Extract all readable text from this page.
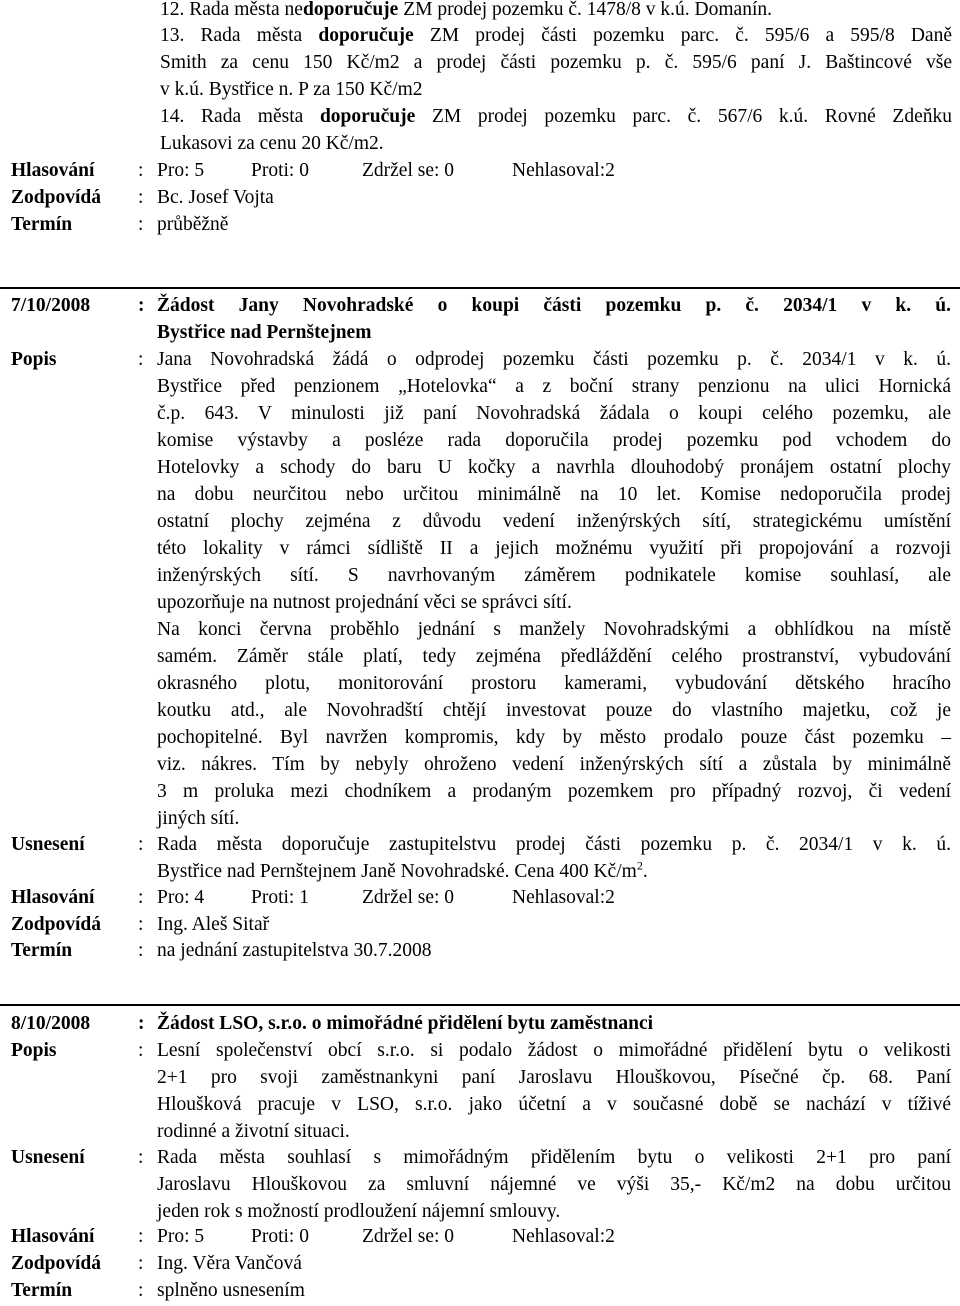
12. Rada města nedoporučuje ZM prodej pozemku č. 1478/8 v k.ú. Domanín.
13. Rada města doporučuje ZM prodej části pozemku parc. č. 595/6 a 595/8 Daně
Smith za cenu 150 Kč/m2 a prodej části pozemku p. č. 595/6 paní J. Baštincové vše
v k.ú. Bystřice n. P za 150 Kč/m2
14. Rada města doporučuje ZM prodej pozemku parc. č. 567/6 k.ú. Rovné Zdeňku
Lukasovi za cenu 20 Kč/m2.
Hlasování : Pro: 5 Proti: 0	Zdržel se: 0	Nehlasoval:2
Zodpovídá : Bc. Josef Vojta
Termín	: průběžně
7/10/2008 : Žádost Jany Novohradské o koupi části pozemku p. č. 2034/1 v k. ú.
Bystřice nad Pernštejnem
Popis	: Jana Novohradská žádá o odprodej pozemku části pozemku p. č. 2034/1 v k. ú.
Bystřice před penzionem „Hotelovka“ a z boční strany penzionu na ulici Hornická
č.p. 643. V minulosti již paní Novohradská žádala o koupi celého pozemku, ale
komise výstavby a posléze rada doporučila prodej pozemku pod vchodem do
Hotelovky a schody do baru U kočky a navrhla dlouhodobý pronájem ostatní plochy
na dobu neurčitou nebo určitou minimálně na 10 let. Komise nedoporučila prodej
ostatní plochy zejména z důvodu vedení inženýrských sítí, strategickému umístění
této lokality v rámci sídliště II a jejich možnému využití při propojování a rozvoji
inženýrských sítí. S navrhovaným záměrem podnikatele komise souhlasí, ale
upozorňuje na nutnost projednání věci se správci sítí.
Na konci června proběhlo jednání s manžely Novohradskými a obhlídkou na místě
samém. Záměr stále platí, tedy zejména předláždění celého prostranství, vybudování
okrasného plotu, monitorování prostoru kamerami, vybudování dětského hracího
koutku atd., ale Novohradští chtějí investovat pouze do vlastního majetku, což je
pochopitelné. Byl navržen kompromis, kdy by město prodalo pouze část pozemku –
viz. nákres. Tím by nebyly ohroženo vedení inženýrských sítí a zůstala by minimálně
3 m proluka mezi chodníkem a prodaným pozemkem pro případný rozvoj, či vedení
jiných sítí.
Usnesení	: Rada města doporučuje zastupitelstvu prodej části pozemku p. č. 2034/1 v k. ú.
Bystřice nad Pernštejnem Janě Novohradské. Cena 400 $Kč/m^2$.
Hlasování : Pro: 4 Proti: 1	Zdržel se: 0	Nehlasoval:2
Zodpovídá : Ing. Aleš Sitař
Termín	: na jednání zastupitelstva 30.7.2008
8/10/2008 : Žádost LSO, s.r.o. o mimořádné přidělení bytu zaměstnanci
Popis	: Lesní společenství obcí s.r.o. si podalo žádost o mimořádné přidělení bytu o velikosti
2+1 pro svoji zaměstnankyni paní Jaroslavu Hlouškovou, Písečné čp. 68. Paní
Hloušková pracuje v LSO, s.r.o. jako účetní a v současné době se nachází v tíživé
rodinné a životní situaci.
Usnesení	: Rada města souhlasí s mimořádným přidělením bytu o velikosti 2+1 pro paní
Jaroslavu Hlouškovou za smluvní nájemné ve výši 35,- Kč/m2 na dobu určitou
jeden rok s možností prodloužení nájemní smlouvy.
Hlasování : Pro: 5 Proti: 0	Zdržel se: 0	Nehlasoval:2
Zodpovídá : Ing. Věra Vančová
Termín	: splněno usnesením
